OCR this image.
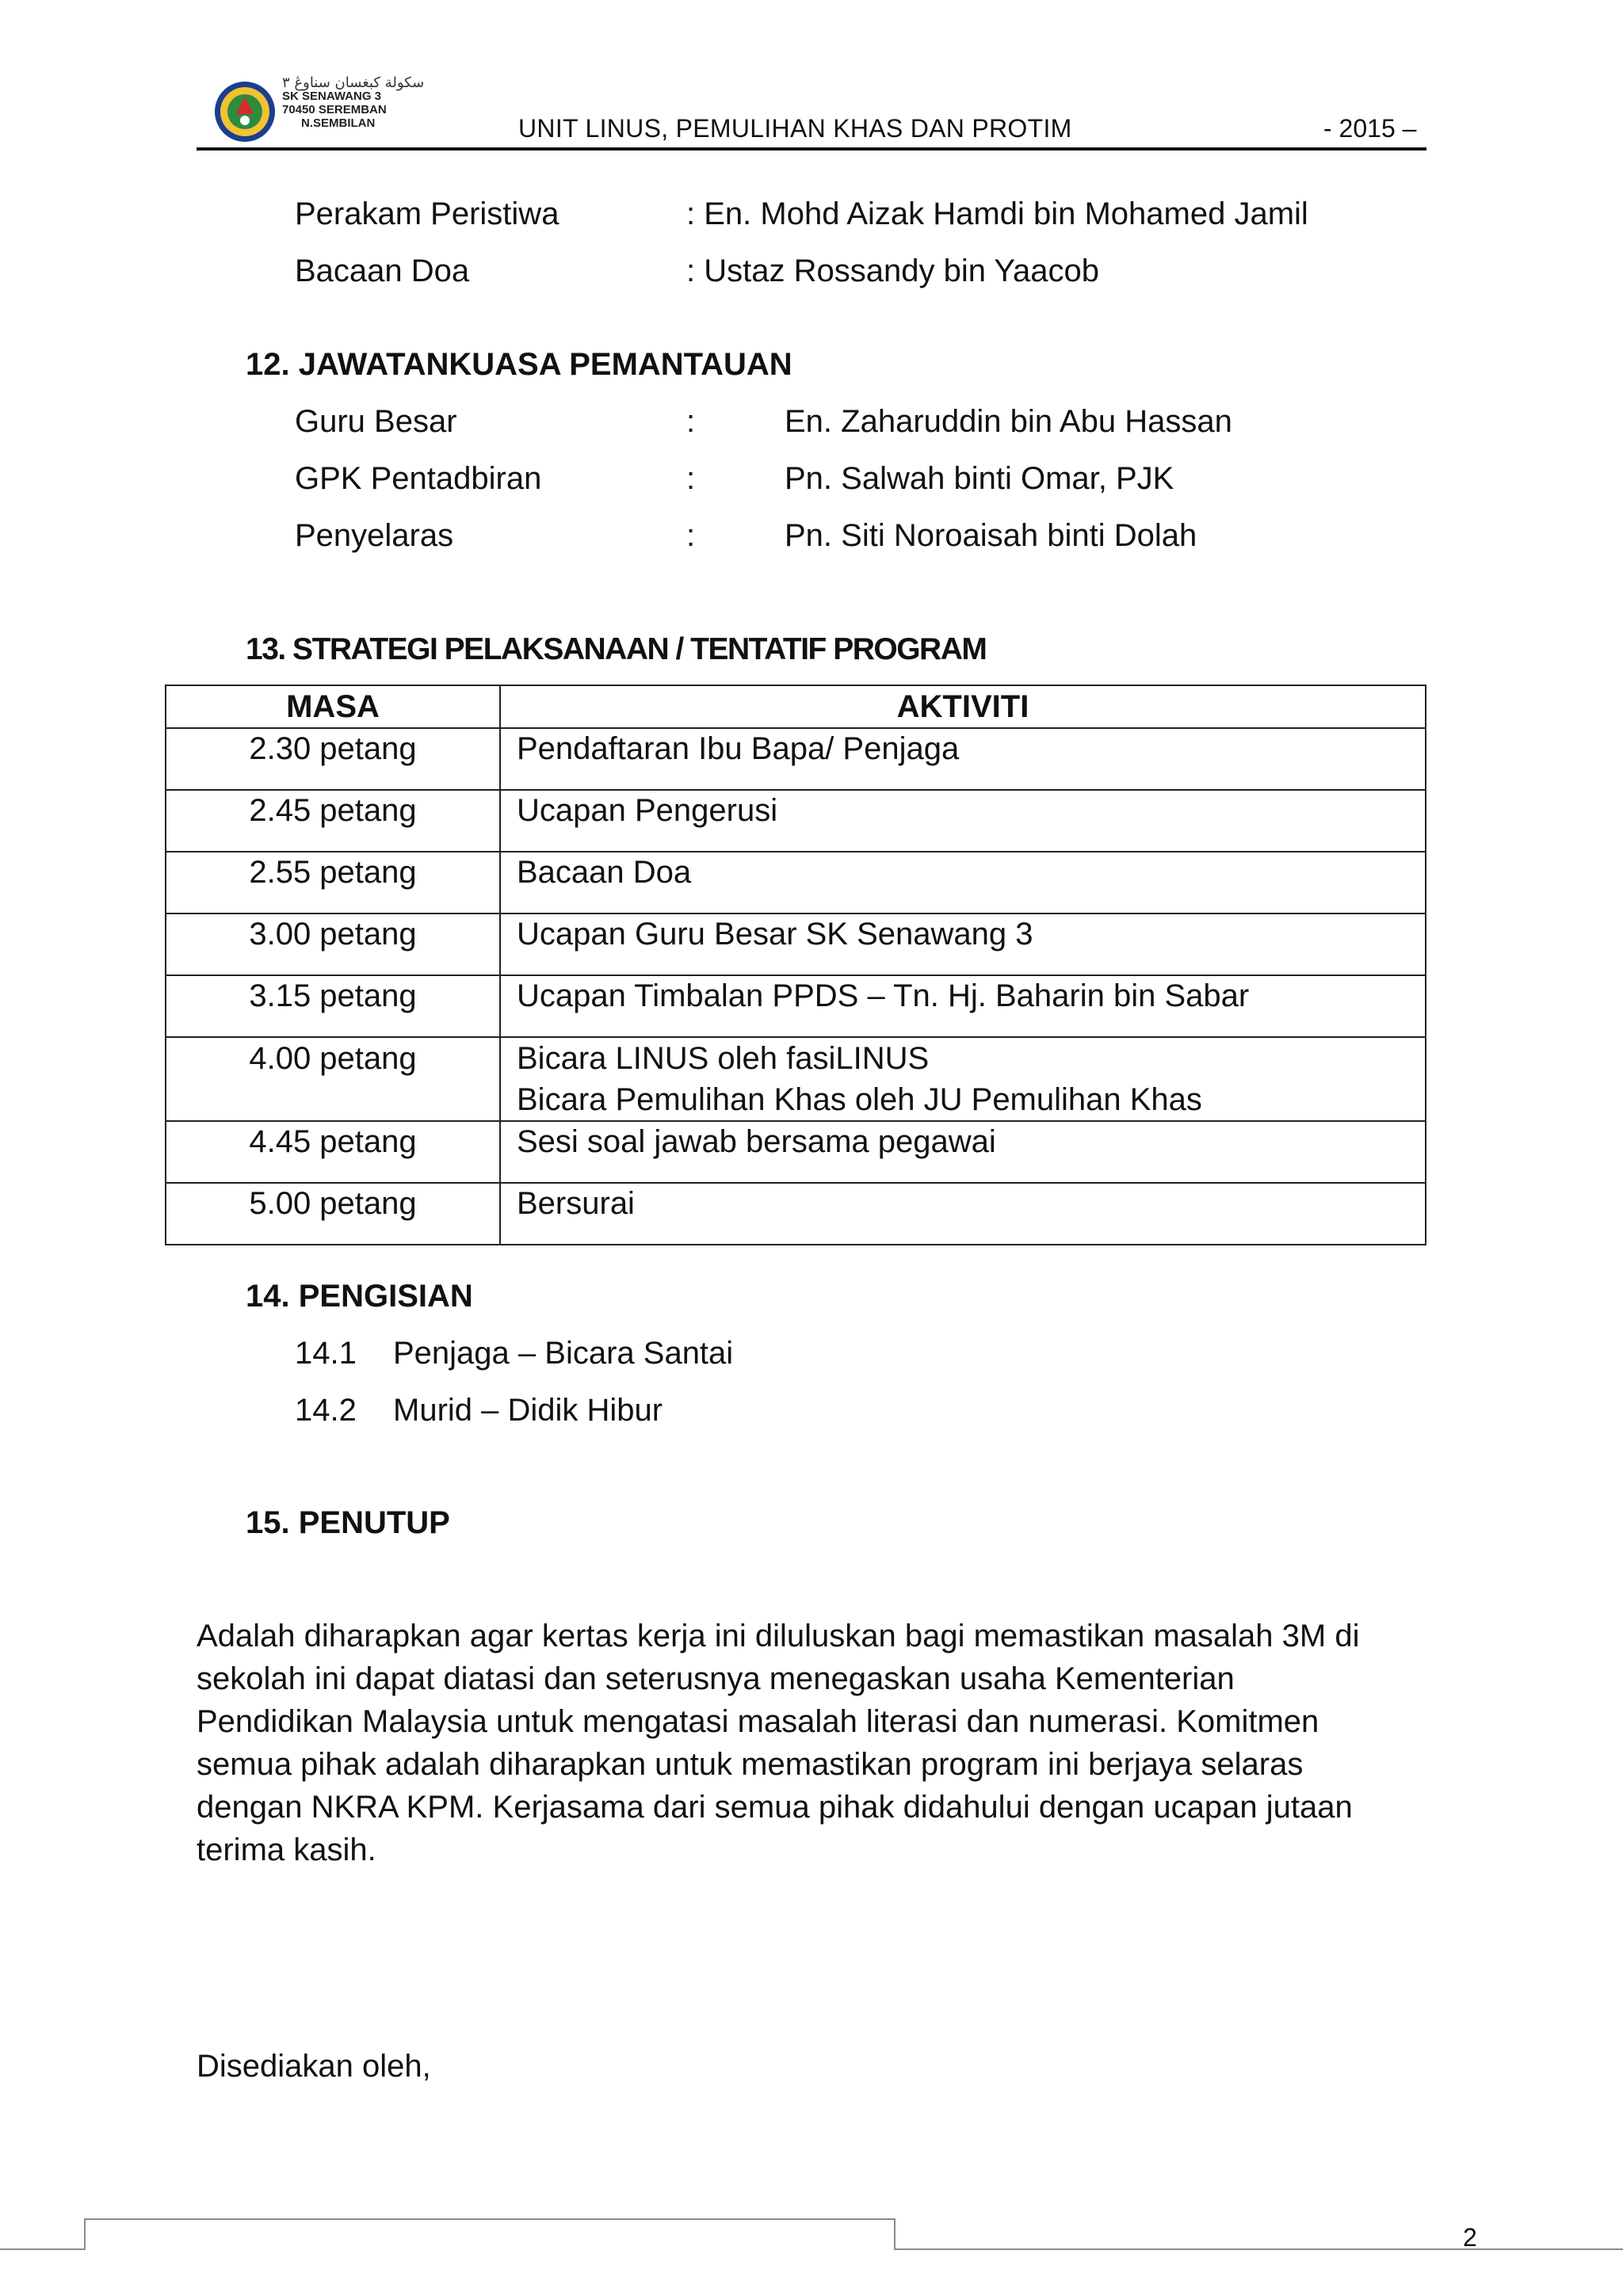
سكولة كبغسان سناوڠ ٣
SK SENAWANG 3
70450 SEREMBAN
N.SEMBILAN	UNIT LINUS, PEMULIHAN KHAS DAN PROTIM	- 2015 –
Perakam Peristiwa	: En. Mohd Aizak Hamdi bin Mohamed Jamil
Bacaan Doa	: Ustaz Rossandy bin Yaacob
12. JAWATANKUASA PEMANTAUAN
Guru Besar	:	En. Zaharuddin bin Abu Hassan
GPK Pentadbiran	:	Pn. Salwah binti Omar, PJK
Penyelaras	:	Pn. Siti Noroaisah binti Dolah
13. STRATEGI PELAKSANAAN / TENTATIF PROGRAM
MASA	AKTIVITI
2.30 petang	Pendaftaran Ibu Bapa/ Penjaga
2.45 petang	Ucapan Pengerusi
2.55 petang	Bacaan Doa
3.00 petang	Ucapan Guru Besar SK Senawang 3
3.15 petang	Ucapan Timbalan PPDS – Tn. Hj. Baharin bin Sabar
4.00 petang	Bicara LINUS oleh fasiLINUS
Bicara Pemulihan Khas oleh JU Pemulihan Khas

4.45 petang	Sesi soal jawab bersama pegawai
5.00 petang	Bersurai
14. PENGISIAN
14.1 Penjaga – Bicara Santai
14.2 Murid – Didik Hibur
15. PENUTUP
Adalah diharapkan agar kertas kerja ini diluluskan bagi memastikan masalah 3M di
sekolah ini dapat diatasi dan seterusnya menegaskan usaha Kementerian
Pendidikan Malaysia untuk mengatasi masalah literasi dan numerasi. Komitmen
semua pihak adalah diharapkan untuk memastikan program ini berjaya selaras
dengan NKRA KPM. Kerjasama dari semua pihak didahului dengan ucapan jutaan
terima kasih.
Disediakan oleh,
2
